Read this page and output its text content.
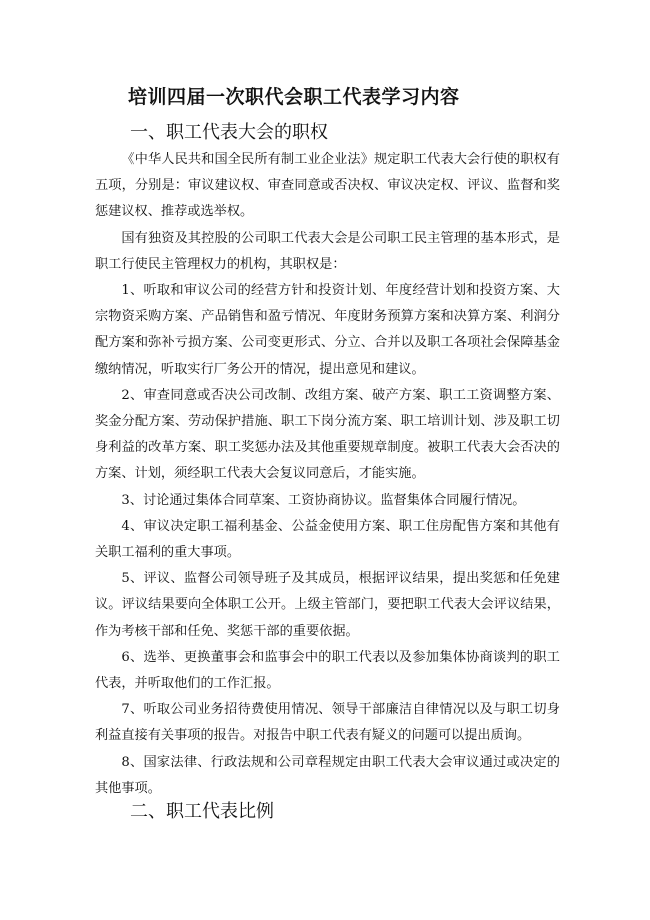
培训四届一次职代会职工代表学习内容
一、职工代表大会的职权

《中华人民共和国全民所有制工业企业法》规定职工代表大会行使的职权有五项，分别是：审议建议权、审查同意或否决权、审议决定权、评议、监督和奖惩建议权、推荐或选举权。

国有独资及其控股的公司职工代表大会是公司职工民主管理的基本形式，是职工行使民主管理权力的机构，其职权是：

1、听取和审议公司的经营方针和投资计划、年度经营计划和投资方案、大宗物资采购方案、产品销售和盈亏情况、年度財务预算方案和决算方案、利润分配方案和弥补亏损方案、公司变更形式、分立、合并以及职工各项社会保障基金缴纳情况，听取实行厂务公开的情况，提出意见和建议。

2、审查同意或否决公司改制、改组方案、破产方案、职工工资调整方案、奖金分配方案、劳动保护措施、职工下岗分流方案、职工培训计划、涉及职工切身利益的改革方案、职工奖惩办法及其他重要规章制度。被职工代表大会否决的方案、计划，须经职工代表大会复议同意后，才能实施。

3、讨论通过集体合同草案、工资协商协议。监督集体合同履行情况。

4、审议决定职工福利基金、公益金使用方案、职工住房配售方案和其他有关职工福利的重大事项。

5、评议、监督公司领导班子及其成员，根据评议结果，提出奖惩和任免建议。评议结果要向全体职工公开。上级主管部门，要把职工代表大会评议结果，作为考核干部和任免、奖惩干部的重要依据。

6、选举、更换董事会和监事会中的职工代表以及参加集体协商谈判的职工代表，并听取他们的工作汇报。

7、听取公司业务招待费使用情况、领导干部廉洁自律情况以及与职工切身利益直接有关事项的报告。对报告中职工代表有疑义的问题可以提出质询。

8、国家法律、行政法规和公司章程规定由职工代表大会审议通过或决定的其他事项。

二、职工代表比例
